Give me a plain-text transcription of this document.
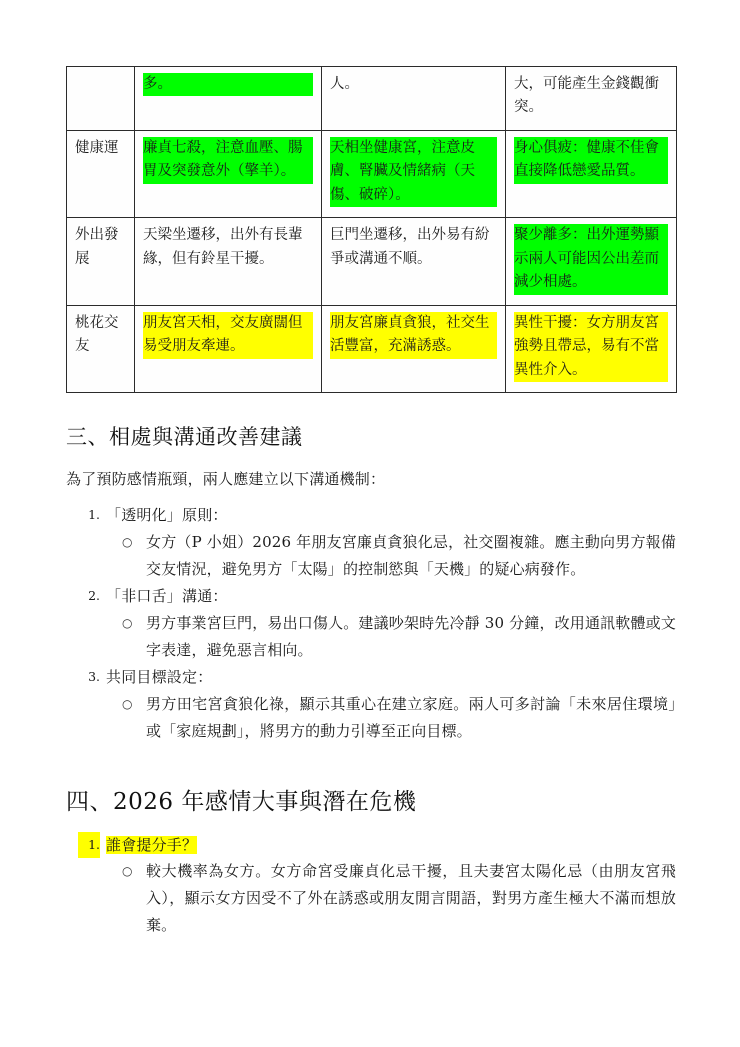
	多。	人。	大，可能產生金錢觀衝突。

健康運	廉貞七殺，注意血壓、腸胃及突發意外（擎羊）。	天相坐健康宮，注意皮膚、腎臟及情緒病（天傷、破碎）。	身心俱疲：健康不佳會直接降低戀愛品質。

外出發展	天梁坐遷移，出外有長輩緣，但有鈴星干擾。	巨門坐遷移，出外易有紛爭或溝通不順。	聚少離多：出外運勢顯示兩人可能因公出差而減少相處。

桃花交友	朋友宮天相，交友廣闊但易受朋友牽連。	朋友宮廉貞貪狼，社交生活豐富，充滿誘惑。	異性干擾：女方朋友宮強勢且帶忌，易有不當異性介入。
三、相處與溝通改善建議

為了預防感情瓶頸，兩人應建立以下溝通機制：

1. 「透明化」原則：
○ 女方（P 小姐）2026 年朋友宮廉貞貪狼化忌，社交圈複雜。應主動向男方報備交友情況，避免男方「太陽」的控制慾與「天機」的疑心病發作。
2. 「非口舌」溝通：
○ 男方事業宮巨門，易出口傷人。建議吵架時先冷靜 30 分鐘，改用通訊軟體或文字表達，避免惡言相向。
3. 共同目標設定：
○ 男方田宅宮貪狼化祿，顯示其重心在建立家庭。兩人可多討論「未來居住環境」或「家庭規劃」，將男方的動力引導至正向目標。
四、2026 年感情大事與潛在危機
1. 誰會提分手？
○ 較大機率為女方。女方命宮受廉貞化忌干擾，且夫妻宮太陽化忌（由朋友宮飛入），顯示女方因受不了外在誘惑或朋友閒言閒語，對男方產生極大不滿而想放棄。
